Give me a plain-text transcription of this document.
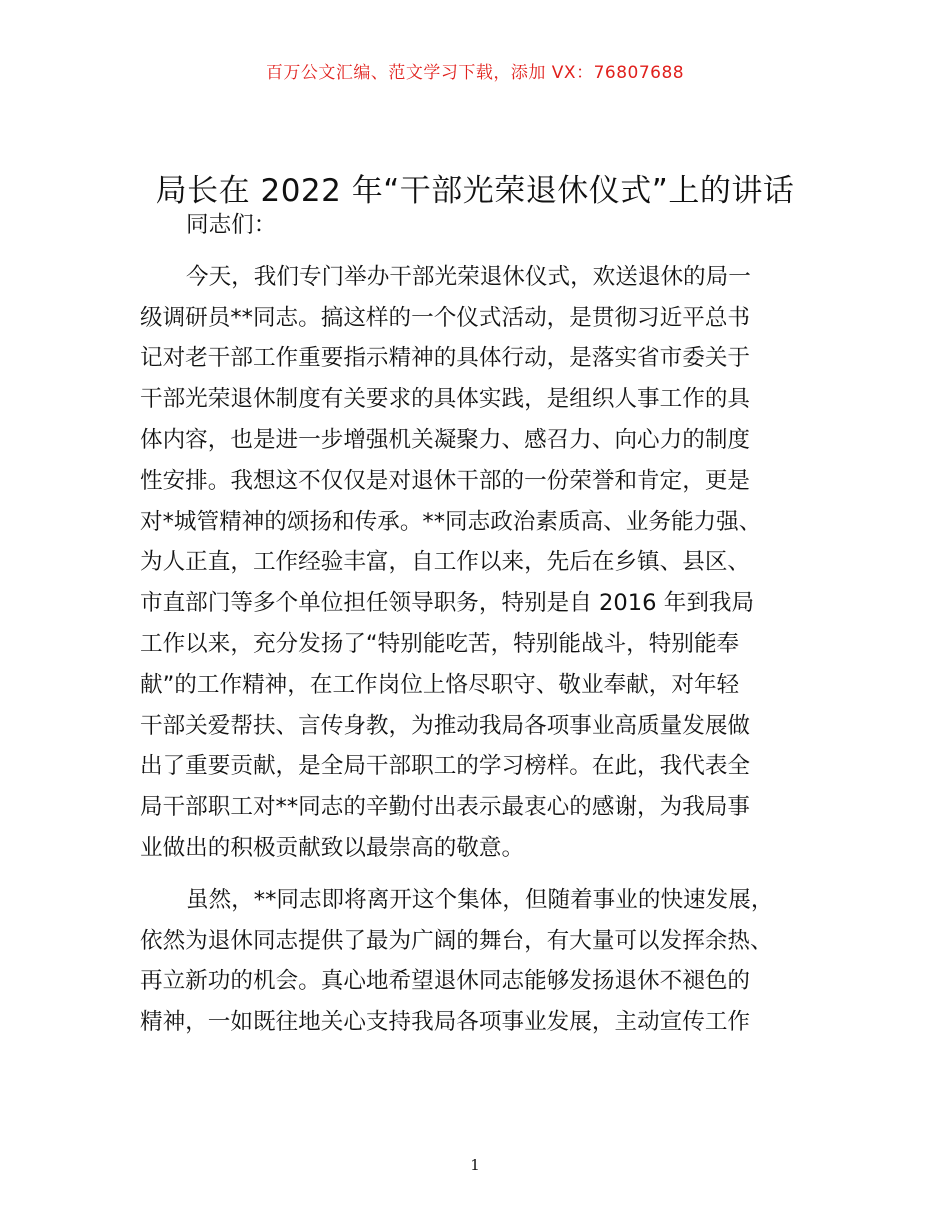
百万公文汇编、范文学习下载，添加 VX：76807688
局长在 2022 年“干部光荣退休仪式”上的讲话

同志们：

今天，我们专门举办干部光荣退休仪式，欢送退休的局一

级调研员**同志。搞这样的一个仪式活动，是贯彻习近平总书

记对老干部工作重要指示精神的具体行动，是落实省市委关于

干部光荣退休制度有关要求的具体实践，是组织人事工作的具

体内容，也是进一步增强机关凝聚力、感召力、向心力的制度

性安排。我想这不仅仅是对退休干部的一份荣誉和肯定，更是

对*城管精神的颂扬和传承。**同志政治素质高、业务能力强、

为人正直，工作经验丰富，自工作以来，先后在乡镇、县区、

市直部门等多个单位担任领导职务，特别是自 2016 年到我局

工作以来，充分发扬了“特别能吃苦，特别能战斗，特别能奉

献”的工作精神，在工作岗位上恪尽职守、敬业奉献，对年轻

干部关爱帮扶、言传身教，为推动我局各项事业高质量发展做

出了重要贡献，是全局干部职工的学习榜样。在此，我代表全

局干部职工对**同志的辛勤付出表示最衷心的感谢，为我局事

业做出的积极贡献致以最崇高的敬意。

虽然，**同志即将离开这个集体，但随着事业的快速发展，

依然为退休同志提供了最为广阔的舞台，有大量可以发挥余热、

再立新功的机会。真心地希望退休同志能够发扬退休不褪色的

精神，一如既往地关心支持我局各项事业发展，主动宣传工作

1
